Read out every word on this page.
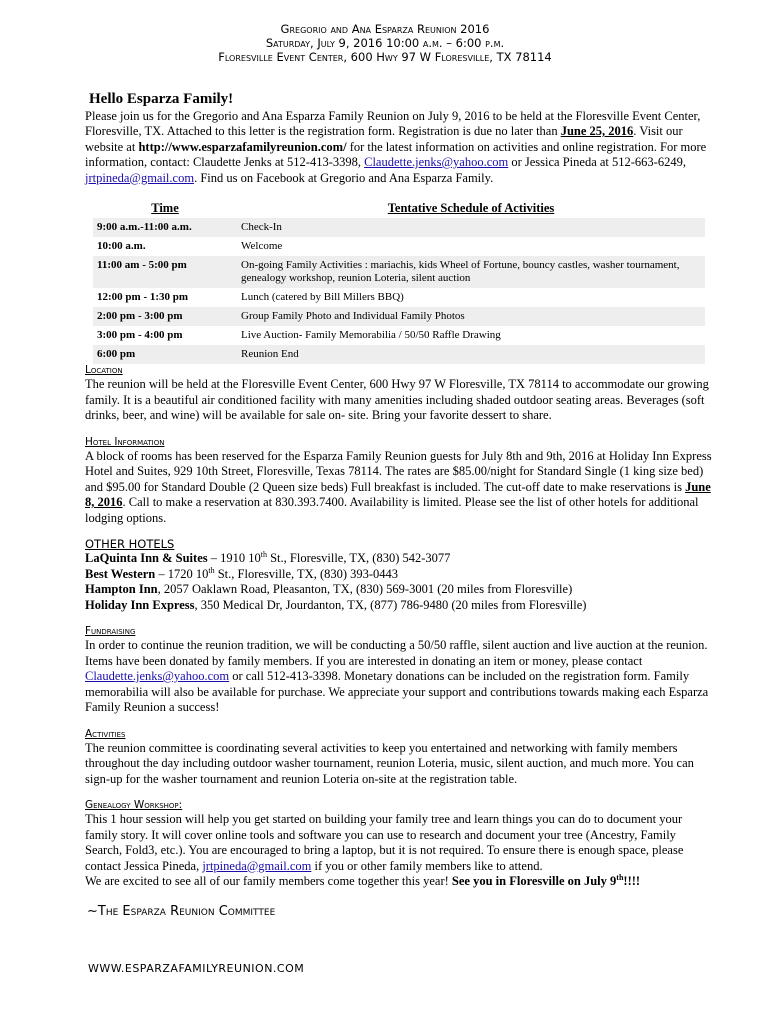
Gregorio and Ana Esparza Reunion 2016
Saturday, July 9, 2016 10:00 a.m. – 6:00 p.m.
Floresville Event Center, 600 Hwy 97 W Floresville, TX 78114
Hello Esparza Family!

Please join us for the Gregorio and Ana Esparza Family Reunion on July 9, 2016 to be held at the Floresville Event Center, Floresville, TX. Attached to this letter is the registration form. Registration is due no later than June 25, 2016. Visit our website at http://www.esparzafamilyreunion.com/ for the latest information on activities and online registration. For more information, contact: Claudette Jenks at 512-413-3398, Claudette.jenks@yahoo.com or Jessica Pineda at 512-663-6249, jrtpineda@gmail.com. Find us on Facebook at Gregorio and Ana Esparza Family.

Time	Tentative Schedule of Activities
9:00 a.m.-11:00 a.m.	Check-In
10:00 a.m.	Welcome
11:00 am - 5:00 pm	On-going Family Activities : mariachis, kids Wheel of Fortune, bouncy castles, washer tournament, genealogy workshop, reunion Loteria, silent auction
12:00 pm - 1:30 pm	Lunch (catered by Bill Millers BBQ)
2:00 pm - 3:00 pm	Group Family Photo and Individual Family Photos
3:00 pm - 4:00 pm	Live Auction- Family Memorabilia / 50/50 Raffle Drawing
6:00 pm	Reunion End
Location

The reunion will be held at the Floresville Event Center, 600 Hwy 97 W Floresville, TX 78114 to accommodate our growing family. It is a beautiful air conditioned facility with many amenities including shaded outdoor seating areas. Beverages (soft drinks, beer, and wine) will be available for sale on- site. Bring your favorite dessert to share.

Hotel Information

A block of rooms has been reserved for the Esparza Family Reunion guests for July 8th and 9th, 2016 at Holiday Inn Express Hotel and Suites, 929 10th Street, Floresville, Texas 78114. The rates are $85.00/night for Standard Single (1 king size bed) and $95.00 for Standard Double (2 Queen size beds) Full breakfast is included. The cut-off date to make reservations is June 8, 2016. Call to make a reservation at 830.393.7400. Availability is limited. Please see the list of other hotels for additional lodging options.

OTHER HOTELS

LaQuinta Inn & Suites – 1910 10th St., Floresville, TX, (830) 542-3077

Best Western – 1720 10th St., Floresville, TX, (830) 393-0443

Hampton Inn, 2057 Oaklawn Road, Pleasanton, TX, (830) 569-3001 (20 miles from Floresville)

Holiday Inn Express, 350 Medical Dr, Jourdanton, TX, (877) 786-9480 (20 miles from Floresville)

Fundraising

In order to continue the reunion tradition, we will be conducting a 50/50 raffle, silent auction and live auction at the reunion. Items have been donated by family members. If you are interested in donating an item or money, please contact Claudette.jenks@yahoo.com or call 512-413-3398. Monetary donations can be included on the registration form. Family memorabilia will also be available for purchase. We appreciate your support and contributions towards making each Esparza Family Reunion a success!

Activities

The reunion committee is coordinating several activities to keep you entertained and networking with family members throughout the day including outdoor washer tournament, reunion Loteria, music, silent auction, and much more. You can sign-up for the washer tournament and reunion Loteria on-site at the registration table.

Genealogy Workshop:

This 1 hour session will help you get started on building your family tree and learn things you can do to document your family story. It will cover online tools and software you can use to research and document your tree (Ancestry, Family Search, Fold3, etc.). You are encouraged to bring a laptop, but it is not required. To ensure there is enough space, please contact Jessica Pineda, jrtpineda@gmail.com if you or other family members like to attend.
We are excited to see all of our family members come together this year! See you in Floresville on July 9th!!!!

~The Esparza Reunion Committee
WWW.ESPARZAFAMILYREUNION.COM
